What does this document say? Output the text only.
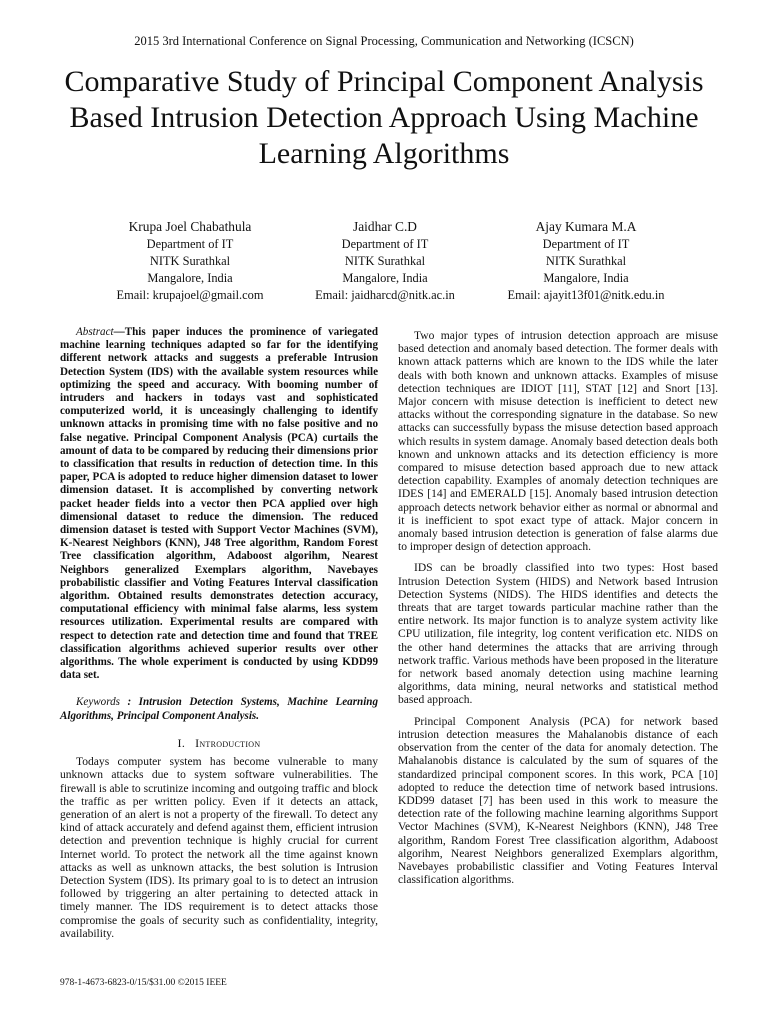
2015 3rd International Conference on Signal Processing, Communication and Networking (ICSCN)
Comparative Study of Principal Component Analysis
Based Intrusion Detection Approach Using Machine
Learning Algorithms
Krupa Joel Chabathula
Department of IT
NITK Surathkal
Mangalore, India
Email: krupajoel@gmail.com
Jaidhar C.D
Department of IT
NITK Surathkal
Mangalore, India
Email: jaidharcd@nitk.ac.in
Ajay Kumara M.A
Department of IT
NITK Surathkal
Mangalore, India
Email: ajayit13f01@nitk.edu.in

Abstract—This paper induces the prominence of variegated machine learning techniques adapted so far for the identifying different network attacks and suggests a preferable Intrusion Detection System (IDS) with the available system resources while optimizing the speed and accuracy. With booming number of intruders and hackers in todays vast and sophisticated computerized world, it is unceasingly challenging to identify unknown attacks in promising time with no false positive and no false negative. Principal Component Analysis (PCA) curtails the amount of data to be compared by reducing their dimensions prior to classification that results in reduction of detection time. In this paper, PCA is adopted to reduce higher dimension dataset to lower dimension dataset. It is accomplished by converting network packet header fields into a vector then PCA applied over high dimensional dataset to reduce the dimension. The reduced dimension dataset is tested with Support Vector Machines (SVM), K-Nearest Neighbors (KNN), J48 Tree algorithm, Random Forest Tree classification algorithm, Adaboost algorihm, Nearest Neighbors generalized Exemplars algorithm, Navebayes probabilistic classifier and Voting Features Interval classification algorithm. Obtained results demonstrates detection accuracy, computational efficiency with minimal false alarms, less system resources utilization. Experimental results are compared with respect to detection rate and detection time and found that TREE classification algorithms achieved superior results over other algorithms. The whole experiment is conducted by using KDD99 data set.

Keywords : Intrusion Detection Systems, Machine Learning Algorithms, Principal Component Analysis.

I. Introduction

Todays computer system has become vulnerable to many unknown attacks due to system software vulnerabilities. The firewall is able to scrutinize incoming and outgoing traffic and block the traffic as per written policy. Even if it detects an attack, generation of an alert is not a property of the firewall. To detect any kind of attack accurately and defend against them, efficient intrusion detection and prevention technique is highly crucial for current Internet world. To protect the network all the time against known attacks as well as unknown attacks, the best solution is Intrusion Detection System (IDS). Its primary goal to is to detect an intrusion followed by triggering an alter pertaining to detected attack in timely manner. The IDS requirement is to detect attacks those compromise the goals of security such as confidentiality, integrity, availability.

Two major types of intrusion detection approach are misuse based detection and anomaly based detection. The former deals with known attack patterns which are known to the IDS while the later deals with both known and unknown attacks. Examples of misuse detection techniques are IDIOT [11], STAT [12] and Snort [13]. Major concern with misuse detection is inefficient to detect new attacks without the corresponding signature in the database. So new attacks can successfully bypass the misuse detection based approach which results in system damage. Anomaly based detection deals both known and unknown attacks and its detection efficiency is more compared to misuse detection based approach due to new attack detection capability. Examples of anomaly detection techniques are IDES [14] and EMERALD [15]. Anomaly based intrusion detection approach detects network behavior either as normal or abnormal and it is inefficient to spot exact type of attack. Major concern in anomaly based intrusion detection is generation of false alarms due to improper design of detection approach.

IDS can be broadly classified into two types: Host based Intrusion Detection System (HIDS) and Network based Intrusion Detection Systems (NIDS). The HIDS identifies and detects the threats that are target towards particular machine rather than the entire network. Its major function is to analyze system activity like CPU utilization, file integrity, log content verification etc. NIDS on the other hand determines the attacks that are arriving through network traffic. Various methods have been proposed in the literature for network based anomaly detection using machine learning algorithms, data mining, neural networks and statistical method based approach.

Principal Component Analysis (PCA) for network based intrusion detection measures the Mahalanobis distance of each observation from the center of the data for anomaly detection. The Mahalanobis distance is calculated by the sum of squares of the standardized principal component scores. In this work, PCA [10] adopted to reduce the detection time of network based intrusions. KDD99 dataset [7] has been used in this work to measure the detection rate of the following machine learning algorithms Support Vector Machines (SVM), K-Nearest Neighbors (KNN), J48 Tree algorithm, Random Forest Tree classification algorithm, Adaboost algorihm, Nearest Neighbors generalized Exemplars algorithm, Navebayes probabilistic classifier and Voting Features Interval classification algorithms.

978-1-4673-6823-0/15/$31.00 ©2015 IEEE
